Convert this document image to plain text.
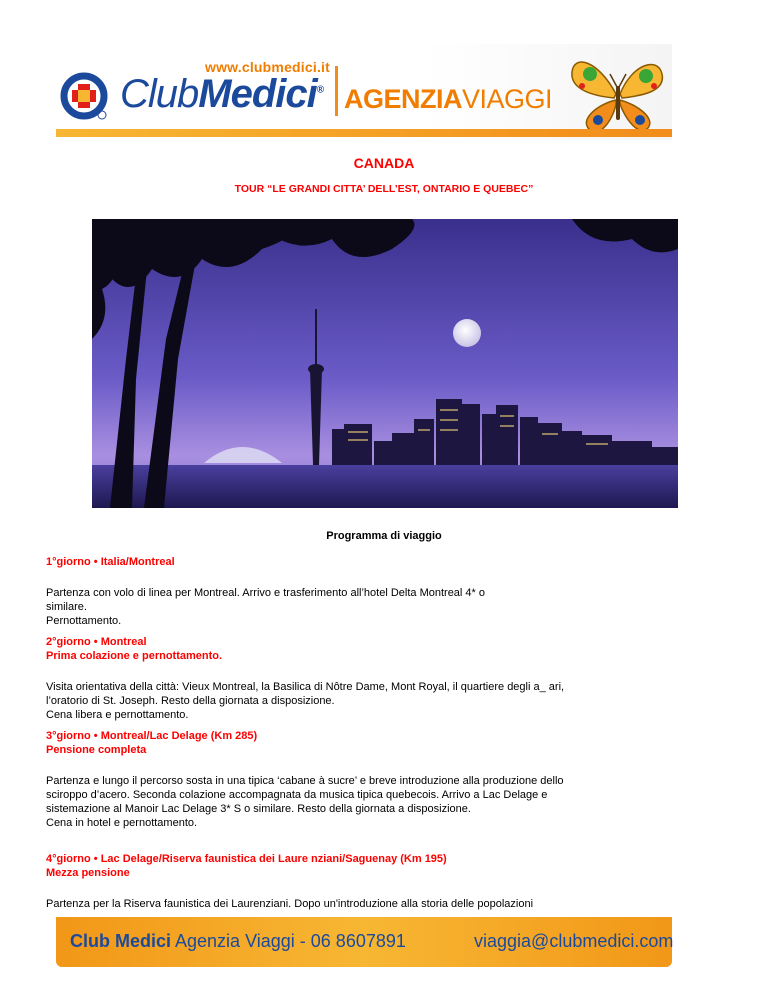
www.clubmedici.it
ClubMedici® AGENZIAVIAGGI
CANADA
TOUR “LE GRANDI CITTA’ DELL’EST, ONTARIO E QUEBEC”
Programma di viaggio

1°giorno • Italia/Montreal

Partenza con volo di linea per Montreal. Arrivo e trasferimento all’hotel Delta Montreal 4* o

similare.

Pernottamento.

2°giorno • Montreal

Prima colazione e pernottamento.

Visita orientativa della città: Vieux Montreal, la Basilica di Nôtre Dame, Mont Royal, il quartiere degli a_ ari,

l’oratorio di St. Joseph. Resto della giornata a disposizione.

Cena libera e pernottamento.

3°giorno • Montreal/Lac Delage (Km 285)

Pensione completa

Partenza e lungo il percorso sosta in una tipica ‘cabane à sucre’ e breve introduzione alla produzione dello

sciroppo d’acero. Seconda colazione accompagnata da musica tipica quebecois. Arrivo a Lac Delage e

sistemazione al Manoir Lac Delage 3* S o similare. Resto della giornata a disposizione.

Cena in hotel e pernottamento.

4°giorno • Lac Delage/Riserva faunistica dei Laure nziani/Saguenay (Km 195)

Mezza pensione

Partenza per la Riserva faunistica dei Laurenziani. Dopo un'introduzione alla storia delle popolazioni

Club Medici Agenzia Viaggi - 06 8607891	viaggia@clubmedici.com
